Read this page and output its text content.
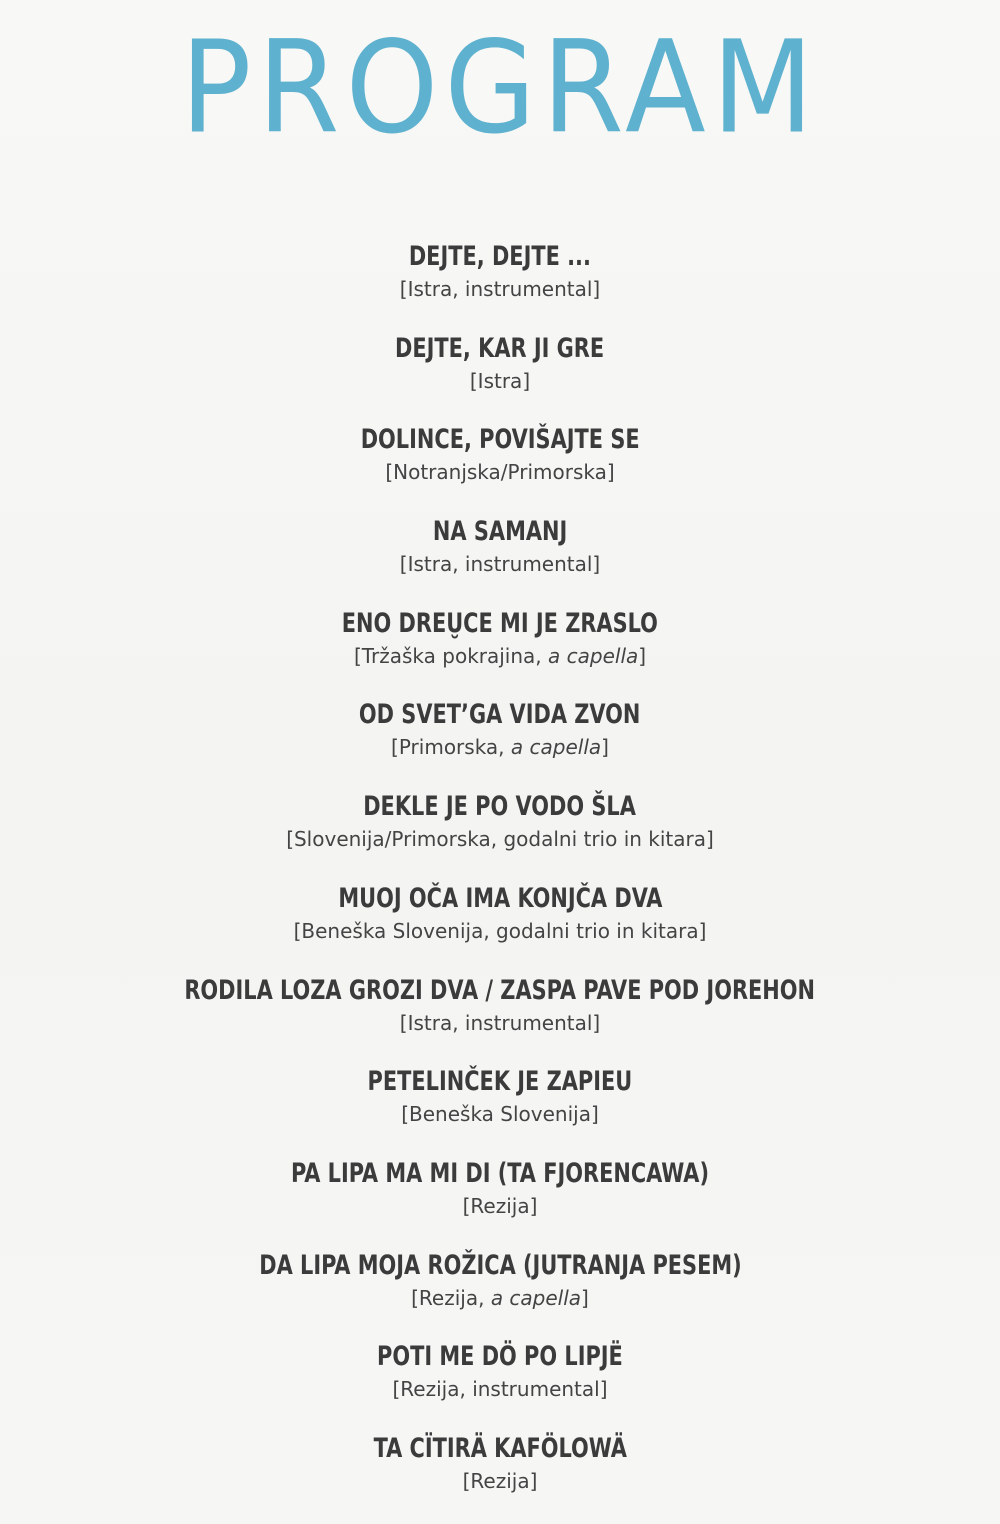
PROGRAM
DEJTE, DEJTE ...
[Istra, instrumental]
DEJTE, KAR JI GRE
[Istra]
DOLINCE, POVIŠAJTE SE
[Notranjska/Primorska]
NA SAMANJ
[Istra, instrumental]
ENO DREU̮CE MI JE ZRASLO
[Tržaška pokrajina, a capella]
OD SVET’GA VIDA ZVON
[Primorska, a capella]
DEKLE JE PO VODO ŠLA
[Slovenija/Primorska, godalni trio in kitara]
MUOJ OČA IMA KONJČA DVA
[Beneška Slovenija, godalni trio in kitara]
RODILA LOZA GROZI DVA / ZASPA PAVE POD JOREHON
[Istra, instrumental]
PETELINČEK JE ZAPIEU
[Beneška Slovenija]
PA LIPA MA MI DI (TA FJORENCAWA)
[Rezija]
DA LIPA MOJA ROŽICA (JUTRANJA PESEM)
[Rezija, a capella]
POTI ME DÖ PO LIPJË
[Rezija, instrumental]
TA CÏTIRÄ KAFÖLOWÄ
[Rezija]
